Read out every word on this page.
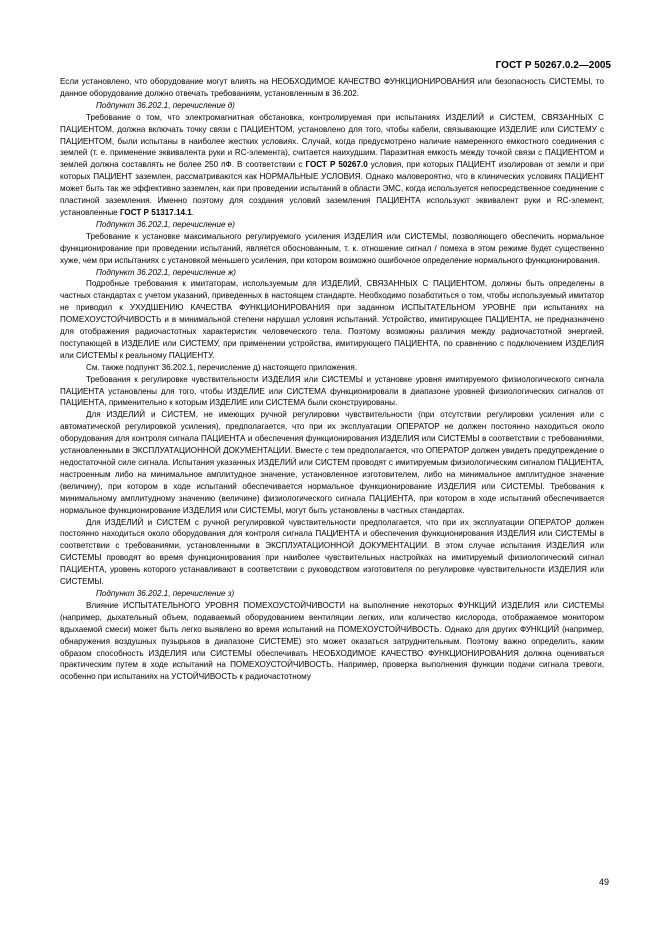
ГОСТ Р 50267.0.2—2005

Если установлено, что оборудование могут влиять на НЕОБХОДИМОЕ КАЧЕСТВО ФУНКЦИОНИРОВАНИЯ или безопасность СИСТЕМЫ, то данное оборудование должно отвечать требованиям, установленным в 36.202.

Подпункт 36.202.1, перечисление д)

Требование о том, что электромагнитная обстановка, контролируемая при испытаниях ИЗДЕЛИЙ и СИСТЕМ, СВЯЗАННЫХ С ПАЦИЕНТОМ, должна включать точку связи с ПАЦИЕНТОМ, установлено для того, чтобы кабели, связывающие ИЗДЕЛИЕ или СИСТЕМУ с ПАЦИЕНТОМ, были испытаны в наиболее жестких условиях. Случай, когда предусмотрено наличие намеренного емкостного соединения с землей (т. е. применение эквивалента руки и RC-элемента), считается наихудшим. Паразитная емкость между точкой связи с ПАЦИЕНТОМ и землей должна составлять не более 250 пФ. В соответствии с ГОСТ Р 50267.0 условия, при которых ПАЦИЕНТ изолирован от земли и при которых ПАЦИЕНТ заземлен, рассматриваются как НОРМАЛЬНЫЕ УСЛОВИЯ. Однако маловероятно, что в клинических условиях ПАЦИЕНТ может быть так же эффективно заземлен, как при проведении испытаний в области ЭМС, когда используется непосредственное соединение с пластиной заземления. Именно поэтому для создания условий заземления ПАЦИЕНТА используют эквивалент руки и RC-элемент, установленные ГОСТ Р 51317.14.1.

Подпункт 36.202.1, перечисление е)

Требование к установке максимального регулируемого усиления ИЗДЕЛИЯ или СИСТЕМЫ, позволяющего обеспечить нормальное функционирование при проведении испытаний, является обоснованным, т. к. отношение сигнал / помеха в этом режиме будет существенно хуже, чем при испытаниях с установкой меньшего усиления, при котором возможно ошибочное определение нормального функционирования.

Подпункт 36.202.1, перечисление ж)

Подробные требования к имитаторам, используемым для ИЗДЕЛИЙ, СВЯЗАННЫХ С ПАЦИЕНТОМ, должны быть определены в частных стандартах с учетом указаний, приведенных в настоящем стандарте. Необходимо позаботиться о том, чтобы используемый имитатор не приводил к УХУДШЕНИЮ КАЧЕСТВА ФУНКЦИОНИРОВАНИЯ при заданном ИСПЫТАТЕЛЬНОМ УРОВНЕ при испытаниях на ПОМЕХОУСТОЙЧИВОСТЬ и в минимальной степени нарушал условия испытаний. Устройство, имитирующее ПАЦИЕНТА, не предназначено для отображения радиочастотных характеристик человеческого тела. Поэтому возможны различия между радиочастотной энергией, поступающей в ИЗДЕЛИЕ или СИСТЕМУ, при применении устройства, имитирующего ПАЦИЕНТА, по сравнению с подключением ИЗДЕЛИЯ или СИСТЕМЫ к реальному ПАЦИЕНТУ.

См. также подпункт 36.202.1, перечисление д) настоящего приложения.

Требования к регулировке чувствительности ИЗДЕЛИЯ или СИСТЕМЫ и установке уровня имитируемого физиологического сигнала ПАЦИЕНТА установлены для того, чтобы ИЗДЕЛИЕ или СИСТЕМА функционировали в диапазоне уровней физиологических сигналов от ПАЦИЕНТА, применительно к которым ИЗДЕЛИЕ или СИСТЕМА были сконструированы.

Для ИЗДЕЛИЙ и СИСТЕМ, не имеющих ручной регулировки чувствительности (при отсутствии регулировки усиления или с автоматической регулировкой усиления), предполагается, что при их эксплуатации ОПЕРАТОР не должен постоянно находиться около оборудования для контроля сигнала ПАЦИЕНТА и обеспечения функционирования ИЗДЕЛИЯ или СИСТЕМЫ в соответствии с требованиями, установленными в ЭКСПЛУАТАЦИОННОЙ ДОКУМЕНТАЦИИ. Вместе с тем предполагается, что ОПЕРАТОР должен увидеть предупреждение о недостаточной силе сигнала. Испытания указанных ИЗДЕЛИЙ или СИСТЕМ проводят с имитируемым физиологическим сигналом ПАЦИЕНТА, настроенным либо на минимальное амплитудное значение, установленное изготовителем, либо на минимальное амплитудное значение (величину), при котором в ходе испытаний обеспечивается нормальное функционирование ИЗДЕЛИЯ или СИСТЕМЫ. Требования к минимальному амплитудному значению (величине) физиологического сигнала ПАЦИЕНТА, при котором в ходе испытаний обеспечивается нормальное функционирование ИЗДЕЛИЯ или СИСТЕМЫ, могут быть установлены в частных стандартах.

Для ИЗДЕЛИЙ и СИСТЕМ с ручной регулировкой чувствительности предполагается, что при их эксплуатации ОПЕРАТОР должен постоянно находиться около оборудования для контроля сигнала ПАЦИЕНТА и обеспечения функционирования ИЗДЕЛИЯ или СИСТЕМЫ в соответствии с требованиями, установленными в ЭКСПЛУАТАЦИОННОЙ ДОКУМЕНТАЦИИ. В этом случае испытания ИЗДЕЛИЯ или СИСТЕМЫ проводят во время функционирования при наиболее чувствительных настройках на имитируемый физиологический сигнал ПАЦИЕНТА, уровень которого устанавливают в соответствии с руководством изготовителя по регулировке чувствительности ИЗДЕЛИЯ или СИСТЕМЫ.

Подпункт 36.202.1, перечисление з)

Влияние ИСПЫТАТЕЛЬНОГО УРОВНЯ ПОМЕХОУСТОЙЧИВОСТИ на выполнение некоторых ФУНКЦИЙ ИЗДЕЛИЯ или СИСТЕМЫ (например, дыхательный объем, подаваемый оборудованием вентиляции легких, или количество кислорода, отображаемое монитором вдыхаемой смеси) может быть легко выявлено во время испытаний на ПОМЕХОУСТОЙЧИВОСТЬ. Однако для других ФУНКЦИЙ (например, обнаружения воздушных пузырьков в диапазоне СИСТЕМЕ) это может оказаться затруднительным. Поэтому важно определить, каким образом способность ИЗДЕЛИЯ или СИСТЕМЫ обеспечивать НЕОБХОДИМОЕ КАЧЕСТВО ФУНКЦИОНИРОВАНИЯ должна оцениваться практическим путем в ходе испытаний на ПОМЕХОУСТОЙЧИВОСТЬ. Например, проверка выполнения функции подачи сигнала тревоги, особенно при испытаниях на УСТОЙЧИВОСТЬ к радиочастотному

49
